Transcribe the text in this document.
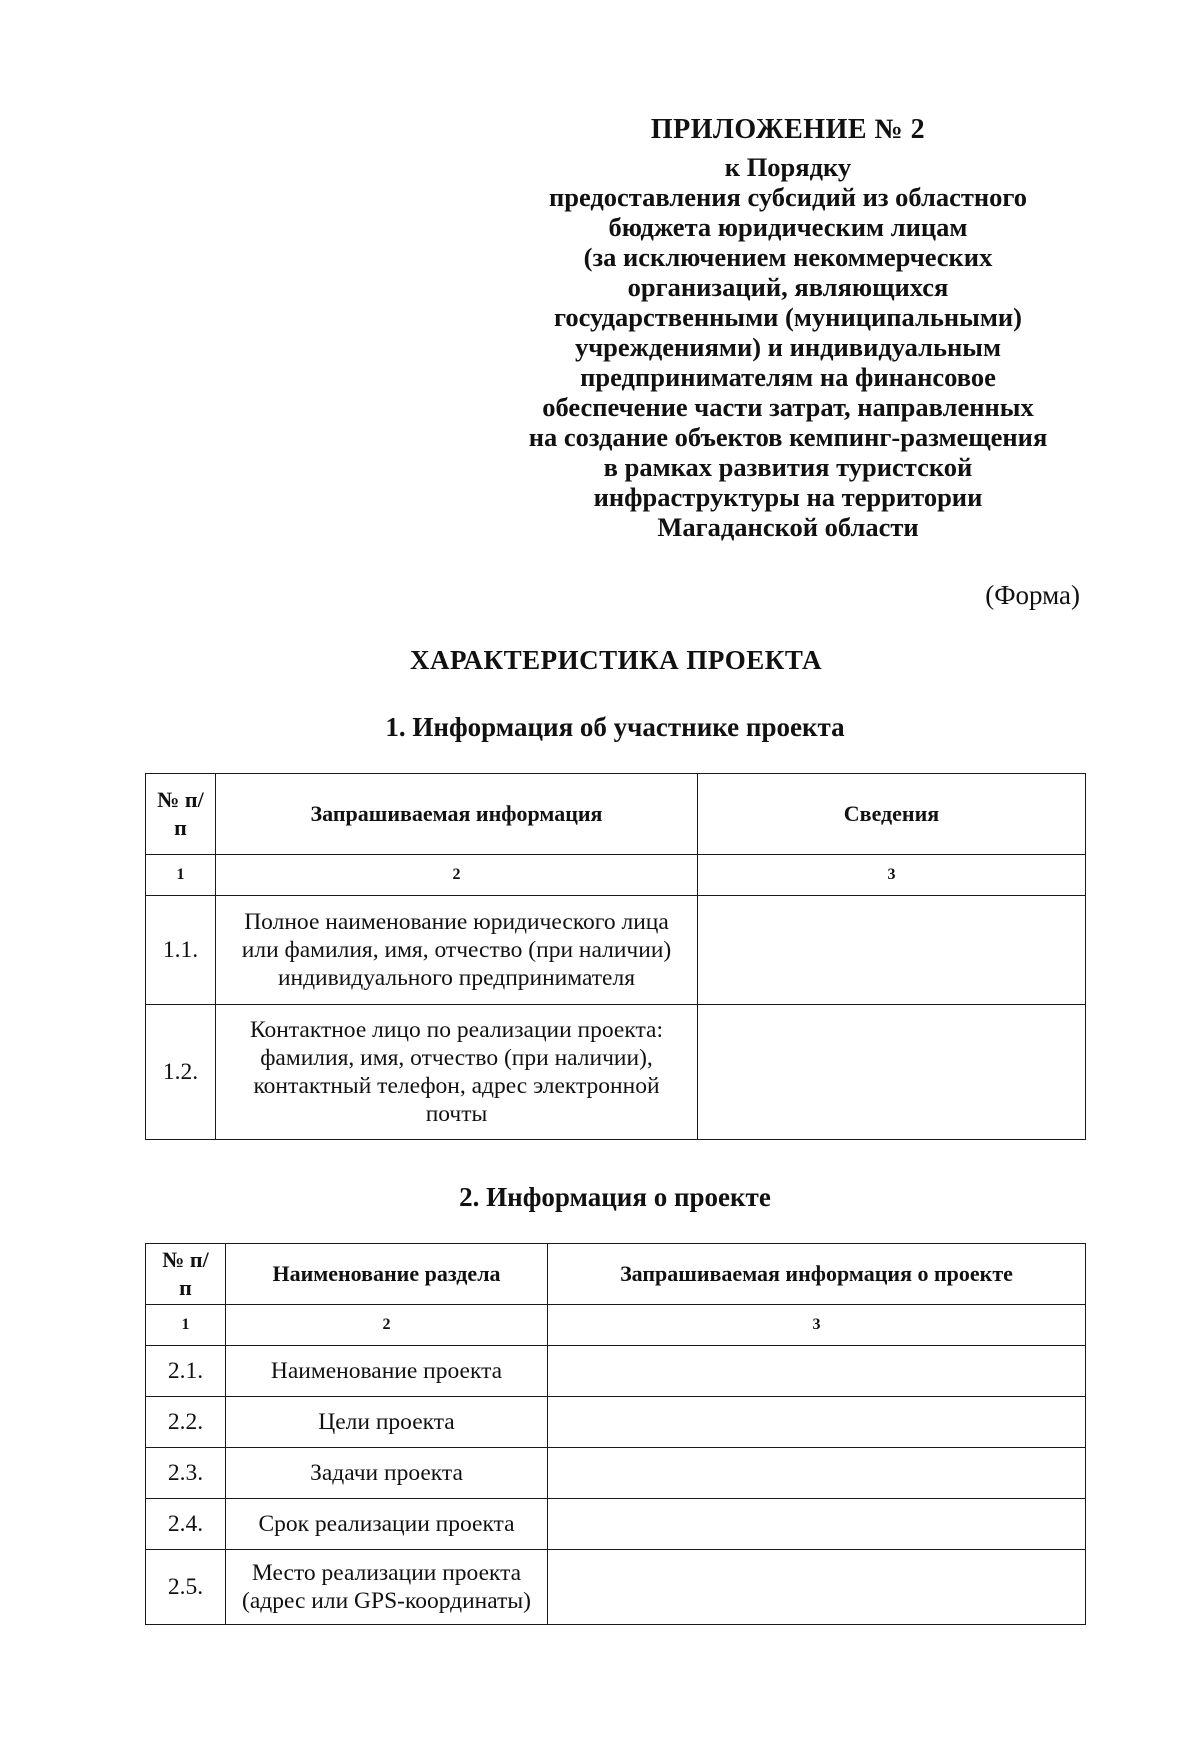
ПРИЛОЖЕНИЕ № 2
к Порядку
предоставления субсидий из областного
бюджета юридическим лицам
(за исключением некоммерческих
организаций, являющихся
государственными (муниципальными)
учреждениями) и индивидуальным
предпринимателям на финансовое
обеспечение части затрат, направленных
на создание объектов кемпинг-размещения
в рамках развития туристской
инфраструктуры на территории
Магаданской области
(Форма)
ХАРАКТЕРИСТИКА ПРОЕКТА
1. Информация об участнике проекта
№ п/п	Запрашиваемая информация	Сведения
1	2	3
1.1.	Полное наименование юридического лица или фамилия, имя, отчество (при наличии) индивидуального предпринимателя	
1.2.	Контактное лицо по реализации проекта: фамилия, имя, отчество (при наличии), контактный телефон, адрес электронной почты	
2. Информация о проекте
№ п/п	Наименование раздела	Запрашиваемая информация о проекте
1	2	3
2.1.	Наименование проекта	
2.2.	Цели проекта	
2.3.	Задачи проекта	
2.4.	Срок реализации проекта	
2.5.	Место реализации проекта (адрес или GPS-координаты)	
